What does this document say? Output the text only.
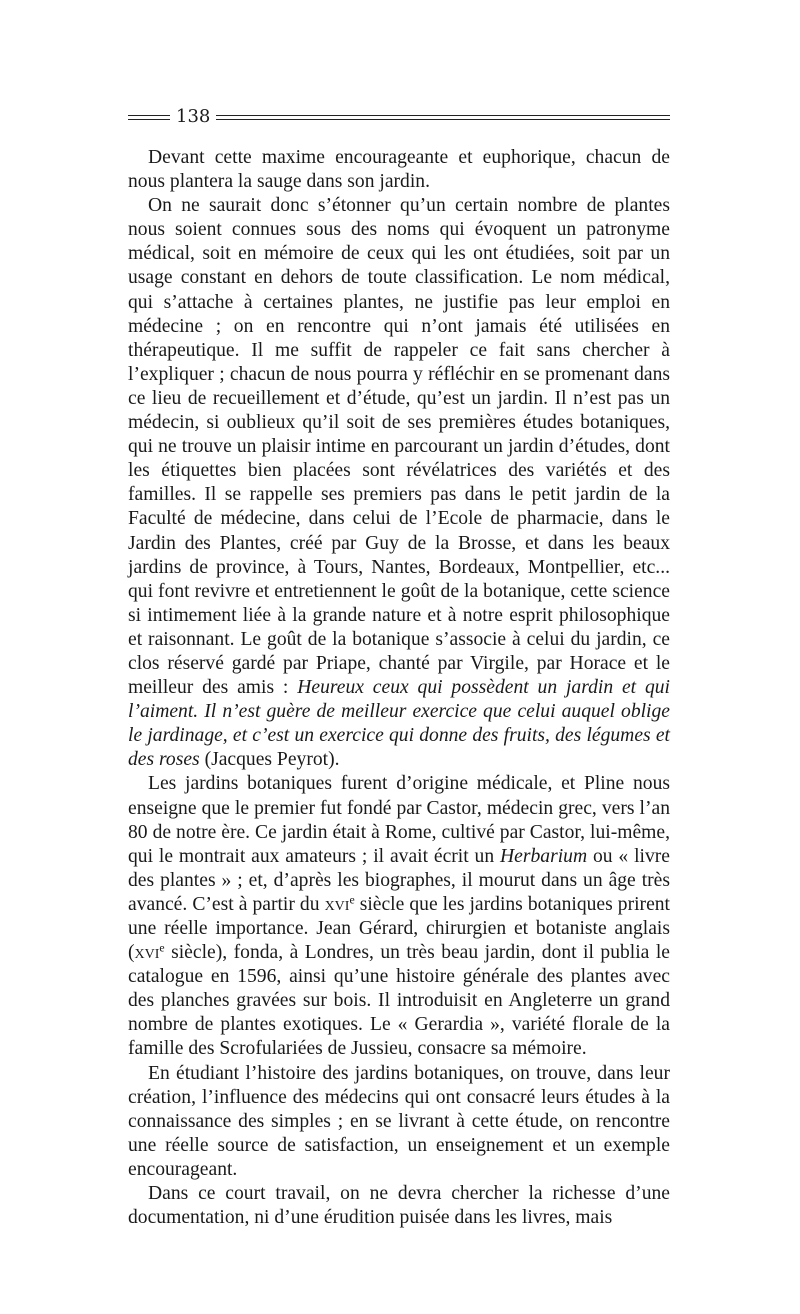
138

Devant cette maxime encourageante et euphorique, chacun de nous plantera la sauge dans son jardin.

On ne saurait donc s’étonner qu’un certain nombre de plantes nous soient connues sous des noms qui évoquent un patronyme médical, soit en mémoire de ceux qui les ont étudiées, soit par un usage constant en dehors de toute classification. Le nom médical, qui s’attache à certaines plantes, ne justifie pas leur emploi en médecine ; on en rencontre qui n’ont jamais été utilisées en thérapeutique. Il me suffit de rappeler ce fait sans chercher à l’expliquer ; chacun de nous pourra y réfléchir en se promenant dans ce lieu de recueillement et d’étude, qu’est un jardin. Il n’est pas un médecin, si oublieux qu’il soit de ses premières études botaniques, qui ne trouve un plaisir intime en parcourant un jardin d’études, dont les étiquettes bien placées sont révélatrices des variétés et des familles. Il se rappelle ses premiers pas dans le petit jardin de la Faculté de médecine, dans celui de l’Ecole de pharmacie, dans le Jardin des Plantes, créé par Guy de la Brosse, et dans les beaux jardins de province, à Tours, Nantes, Bordeaux, Montpellier, etc... qui font revivre et entretiennent le goût de la botanique, cette science si intimement liée à la grande nature et à notre esprit philosophique et raisonnant. Le goût de la botanique s’associe à celui du jardin, ce clos réservé gardé par Priape, chanté par Virgile, par Horace et le meilleur des amis : Heureux ceux qui possèdent un jardin et qui l’aiment. Il n’est guère de meilleur exercice que celui auquel oblige le jardinage, et c’est un exercice qui donne des fruits, des légumes et des roses (Jacques Peyrot).

Les jardins botaniques furent d’origine médicale, et Pline nous enseigne que le premier fut fondé par Castor, médecin grec, vers l’an 80 de notre ère. Ce jardin était à Rome, cultivé par Castor, lui-même, qui le montrait aux amateurs ; il avait écrit un Herbarium ou « livre des plantes » ; et, d’après les biographes, il mourut dans un âge très avancé. C’est à partir du xvi$^e$ siècle que les jardins botaniques prirent une réelle importance. Jean Gérard, chirurgien et botaniste anglais (xvi$^e$ siècle), fonda, à Londres, un très beau jardin, dont il publia le catalogue en 1596, ainsi qu’une histoire générale des plantes avec des planches gravées sur bois. Il introduisit en Angleterre un grand nombre de plantes exotiques. Le « Gerardia », variété florale de la famille des Scrofulariées de Jussieu, consacre sa mémoire.

En étudiant l’histoire des jardins botaniques, on trouve, dans leur création, l’influence des médecins qui ont consacré leurs études à la connaissance des simples ; en se livrant à cette étude, on rencontre une réelle source de satisfaction, un enseignement et un exemple encourageant.

Dans ce court travail, on ne devra chercher la richesse d’une documentation, ni d’une érudition puisée dans les livres, mais
